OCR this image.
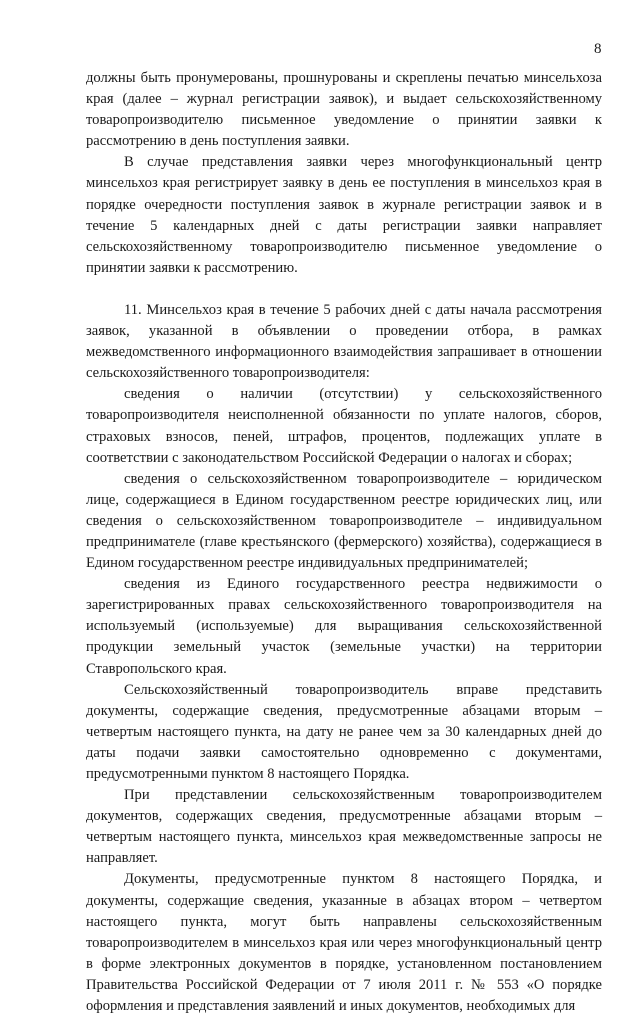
8

должны быть пронумерованы, прошнурованы и скреплены печатью минсельхоза края (далее – журнал регистрации заявок), и выдает сельскохозяйственному товаропроизводителю письменное уведомление о принятии заявки к рассмотрению в день поступления заявки.

В случае представления заявки через многофункциональный центр минсельхоз края регистрирует заявку в день ее поступления в минсельхоз края в порядке очередности поступления заявок в журнале регистрации заявок и в течение 5 календарных дней с даты регистрации заявки направляет сельскохозяйственному товаропроизводителю письменное уведомление о принятии заявки к рассмотрению.

11. Минсельхоз края в течение 5 рабочих дней с даты начала рассмотрения заявок, указанной в объявлении о проведении отбора, в рамках межведомственного информационного взаимодействия запрашивает в отношении сельскохозяйственного товаропроизводителя:

сведения о наличии (отсутствии) у сельскохозяйственного товаропроизводителя неисполненной обязанности по уплате налогов, сборов, страховых взносов, пеней, штрафов, процентов, подлежащих уплате в соответствии с законодательством Российской Федерации о налогах и сборах;

сведения о сельскохозяйственном товаропроизводителе – юридическом лице, содержащиеся в Едином государственном реестре юридических лиц, или сведения о сельскохозяйственном товаропроизводителе – индивидуальном предпринимателе (главе крестьянского (фермерского) хозяйства), содержащиеся в Едином государственном реестре индивидуальных предпринимателей;

сведения из Единого государственного реестра недвижимости о зарегистрированных правах сельскохозяйственного товаропроизводителя на используемый (используемые) для выращивания сельскохозяйственной продукции земельный участок (земельные участки) на территории Ставропольского края.

Сельскохозяйственный товаропроизводитель вправе представить документы, содержащие сведения, предусмотренные абзацами вторым – четвертым настоящего пункта, на дату не ранее чем за 30 календарных дней до даты подачи заявки самостоятельно одновременно с документами, предусмотренными пунктом 8 настоящего Порядка.

При представлении сельскохозяйственным товаропроизводителем документов, содержащих сведения, предусмотренные абзацами вторым – четвертым настоящего пункта, минсельхоз края межведомственные запросы не направляет.

Документы, предусмотренные пунктом 8 настоящего Порядка, и документы, содержащие сведения, указанные в абзацах втором – четвертом настоящего пункта, могут быть направлены сельскохозяйственным товаропроизводителем в минсельхоз края или через многофункциональный центр в форме электронных документов в порядке, установленном постановлением Правительства Российской Федерации от 7 июля 2011 г. № 553 «О порядке оформления и представления заявлений и иных документов, необходимых для
